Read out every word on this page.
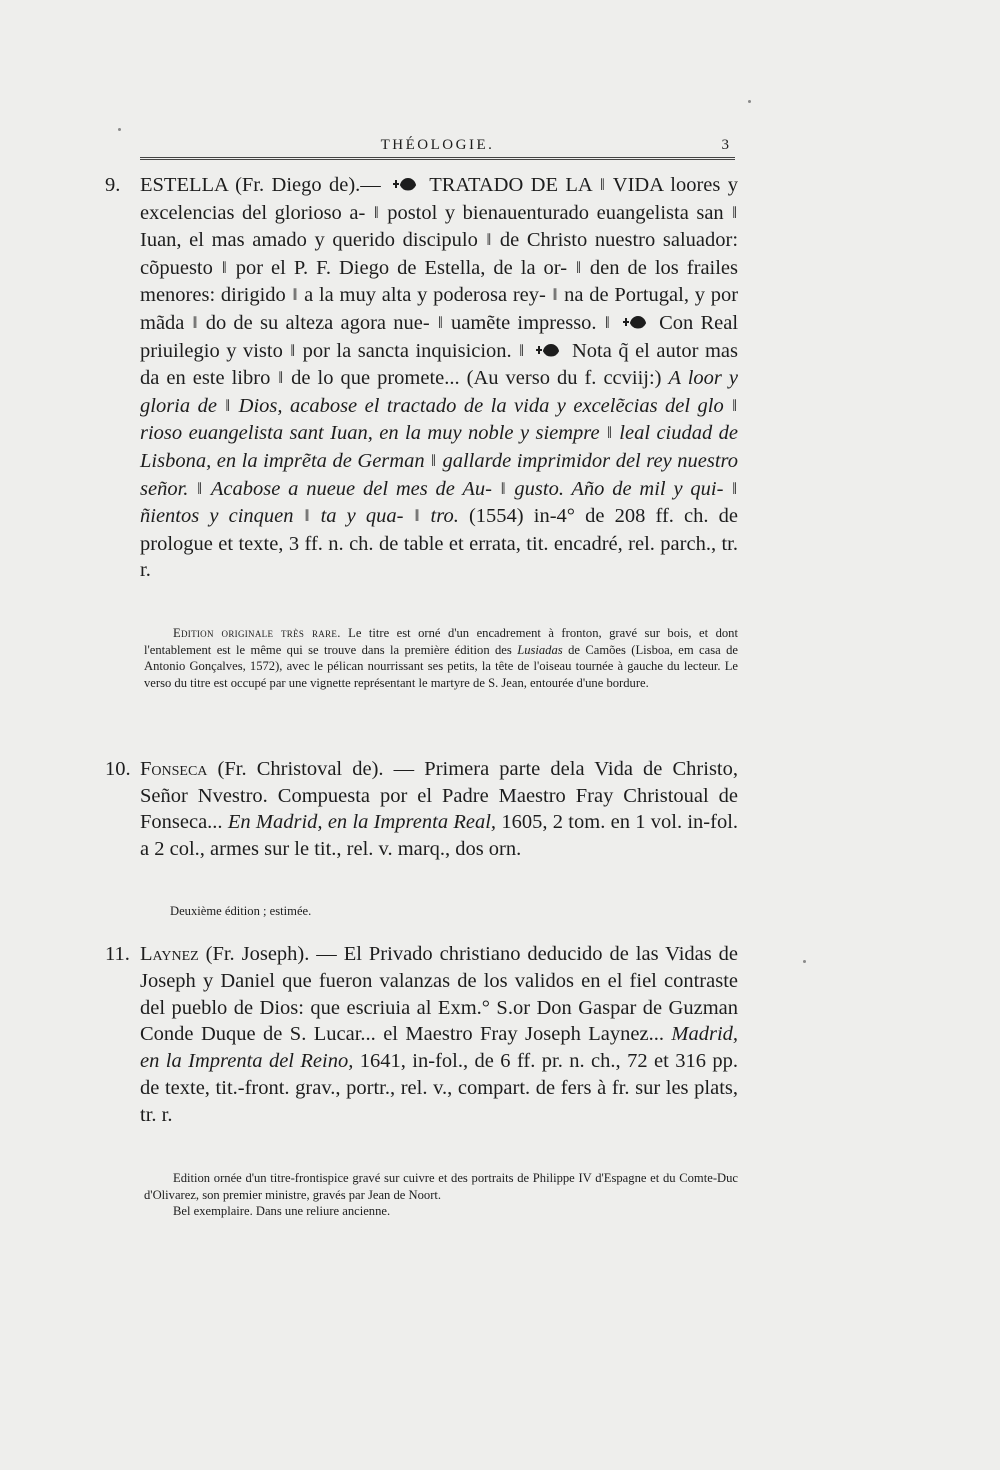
THÉOLOGIE.	3
9. ESTELLA (Fr. Diego de).— TRATADO DE LA ‖ VIDA loores y excelencias del glorioso a- ‖ postol y bienauenturado euangelista san ‖ Iuan, el mas amado y querido discipulo ‖ de Christo nuestro saluador: cõpuesto ‖ por el P. F. Diego de Estella, de la or- ‖ den de los frailes menores: dirigido ‖ a la muy alta y poderosa rey- ‖ na de Portugal, y por mãda ‖ do de su alteza agora nue- ‖ uamẽte impresso. ‖ Con Real priuilegio y visto ‖ por la sancta inquisicion. ‖ Nota q̃ el autor mas da en este libro ‖ de lo que promete... (Au verso du f. ccviij:) A loor y gloria de ‖ Dios, acabose el tractado de la vida y excelẽcias del glo ‖ rioso euangelista sant Iuan, en la muy noble y siempre ‖ leal ciudad de Lisbona, en la imprẽta de German ‖ gallarde imprimidor del rey nuestro señor. ‖ Acabose a nueue del mes de Au- ‖ gusto. Año de mil y qui- ‖ ñientos y cinquen ‖ ta y qua- ‖ tro. (1554) in-4° de 208 ff. ch. de prologue et texte, 3 ff. n. ch. de table et errata, tit. encadré, rel. parch., tr. r.

Edition originale très rare. Le titre est orné d'un encadrement à fronton, gravé sur bois, et dont l'entablement est le même qui se trouve dans la première édition des Lusiadas de Camões (Lisboa, em casa de Antonio Gonçalves, 1572), avec le pélican nourrissant ses petits, la tête de l'oiseau tournée à gauche du lecteur. Le verso du titre est occupé par une vignette représentant le martyre de S. Jean, entourée d'une bordure.

10. Fonseca (Fr. Christoval de). — Primera parte dela Vida de Christo, Señor Nvestro. Compuesta por el Padre Maestro Fray Christoual de Fonseca... En Madrid, en la Imprenta Real, 1605, 2 tom. en 1 vol. in-fol. a 2 col., armes sur le tit., rel. v. marq., dos orn.

Deuxième édition ; estimée.

11. Laynez (Fr. Joseph). — El Privado christiano deducido de las Vidas de Joseph y Daniel que fueron valanzas de los validos en el fiel contraste del pueblo de Dios: que escriuia al Exm.° S.or Don Gaspar de Guzman Conde Duque de S. Lucar... el Maestro Fray Joseph Laynez... Madrid, en la Imprenta del Reino, 1641, in-fol., de 6 ff. pr. n. ch., 72 et 316 pp. de texte, tit.-front. grav., portr., rel. v., compart. de fers à fr. sur les plats, tr. r.

Edition ornée d'un titre-frontispice gravé sur cuivre et des portraits de Philippe IV d'Espagne et du Comte-Duc d'Olivarez, son premier ministre, gravés par Jean de Noort.

Bel exemplaire. Dans une reliure ancienne.
